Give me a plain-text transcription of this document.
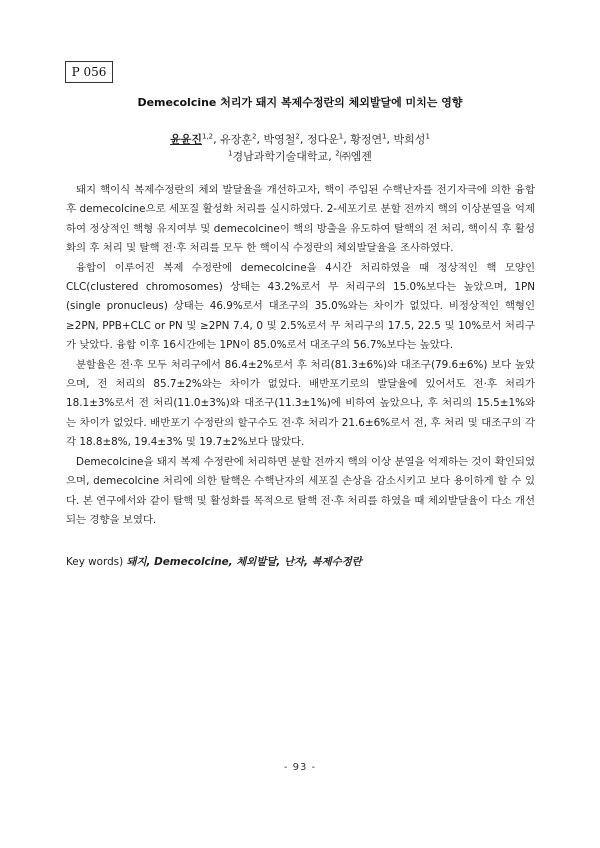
P 056
Demecolcine 처리가 돼지 복제수정란의 체외발달에 미치는 영향
윤윤진$^{1,2}$, 유장훈$^2$, 박영철$^2$, 정다운$^1$, 황정연$^1$, 박희성$^1$
$^1$경남과학기술대학교, $^2$㈜엠젠

돼지 핵이식 복제수정란의 체외 발달율을 개선하고자, 핵이 주입된 수핵난자를 전기자극에 의한 융합 후 demecolcine으로 세포질 활성화 처리를 실시하였다. 2-세포기로 분할 전까지 핵의 이상분열을 억제하여 정상적인 핵형 유지여부 및 demecolcine이 핵의 방출을 유도하여 탈핵의 전 처리, 핵이식 후 활성화의 후 처리 및 탈핵 전·후 처리를 모두 한 핵이식 수정란의 체외발달율을 조사하였다.

융합이 이루어진 복제 수정란에 demecolcine을 4시간 처리하였을 때 정상적인 핵 모양인 CLC(clustered chromosomes) 상태는 43.2%로서 무 처리구의 15.0%보다는 높았으며, 1PN (single pronucleus) 상태는 46.9%로서 대조구의 35.0%와는 차이가 없었다. 비정상적인 핵형인 ≥2PN, PPB+CLC or PN 및 ≥2PN 7.4, 0 및 2.5%로서 무 처리구의 17.5, 22.5 및 10%로서 처리구가 낮았다. 융합 이후 16시간에는 1PN이 85.0%로서 대조구의 56.7%보다는 높았다.

분할율은 전·후 모두 처리구에서 86.4±2%로서 후 처리(81.3±6%)와 대조구(79.6±6%) 보다 높았으며, 전 처리의 85.7±2%와는 차이가 없었다. 배반포기로의 발달율에 있어서도 전·후 처리가 18.1±3%로서 전 처리(11.0±3%)와 대조구(11.3±1%)에 비하여 높았으나, 후 처리의 15.5±1%와는 차이가 없었다. 배반포기 수정란의 할구수도 전·후 처리가 21.6±6%로서 전, 후 처리 및 대조구의 각각 18.8±8%, 19.4±3% 및 19.7±2%보다 많았다.

Demecolcine을 돼지 복제 수정란에 처리하면 분할 전까지 핵의 이상 분열을 억제하는 것이 확인되었으며, demecolcine 처리에 의한 탈핵은 수핵난자의 세포질 손상을 감소시키고 보다 용이하게 할 수 있다. 본 연구에서와 같이 탈핵 및 활성화를 목적으로 탈핵 전·후 처리를 하였을 때 체외발달율이 다소 개선되는 경향을 보였다.

Key words) 돼지, Demecolcine, 체외발달, 난자, 복제수정란
- 93 -
